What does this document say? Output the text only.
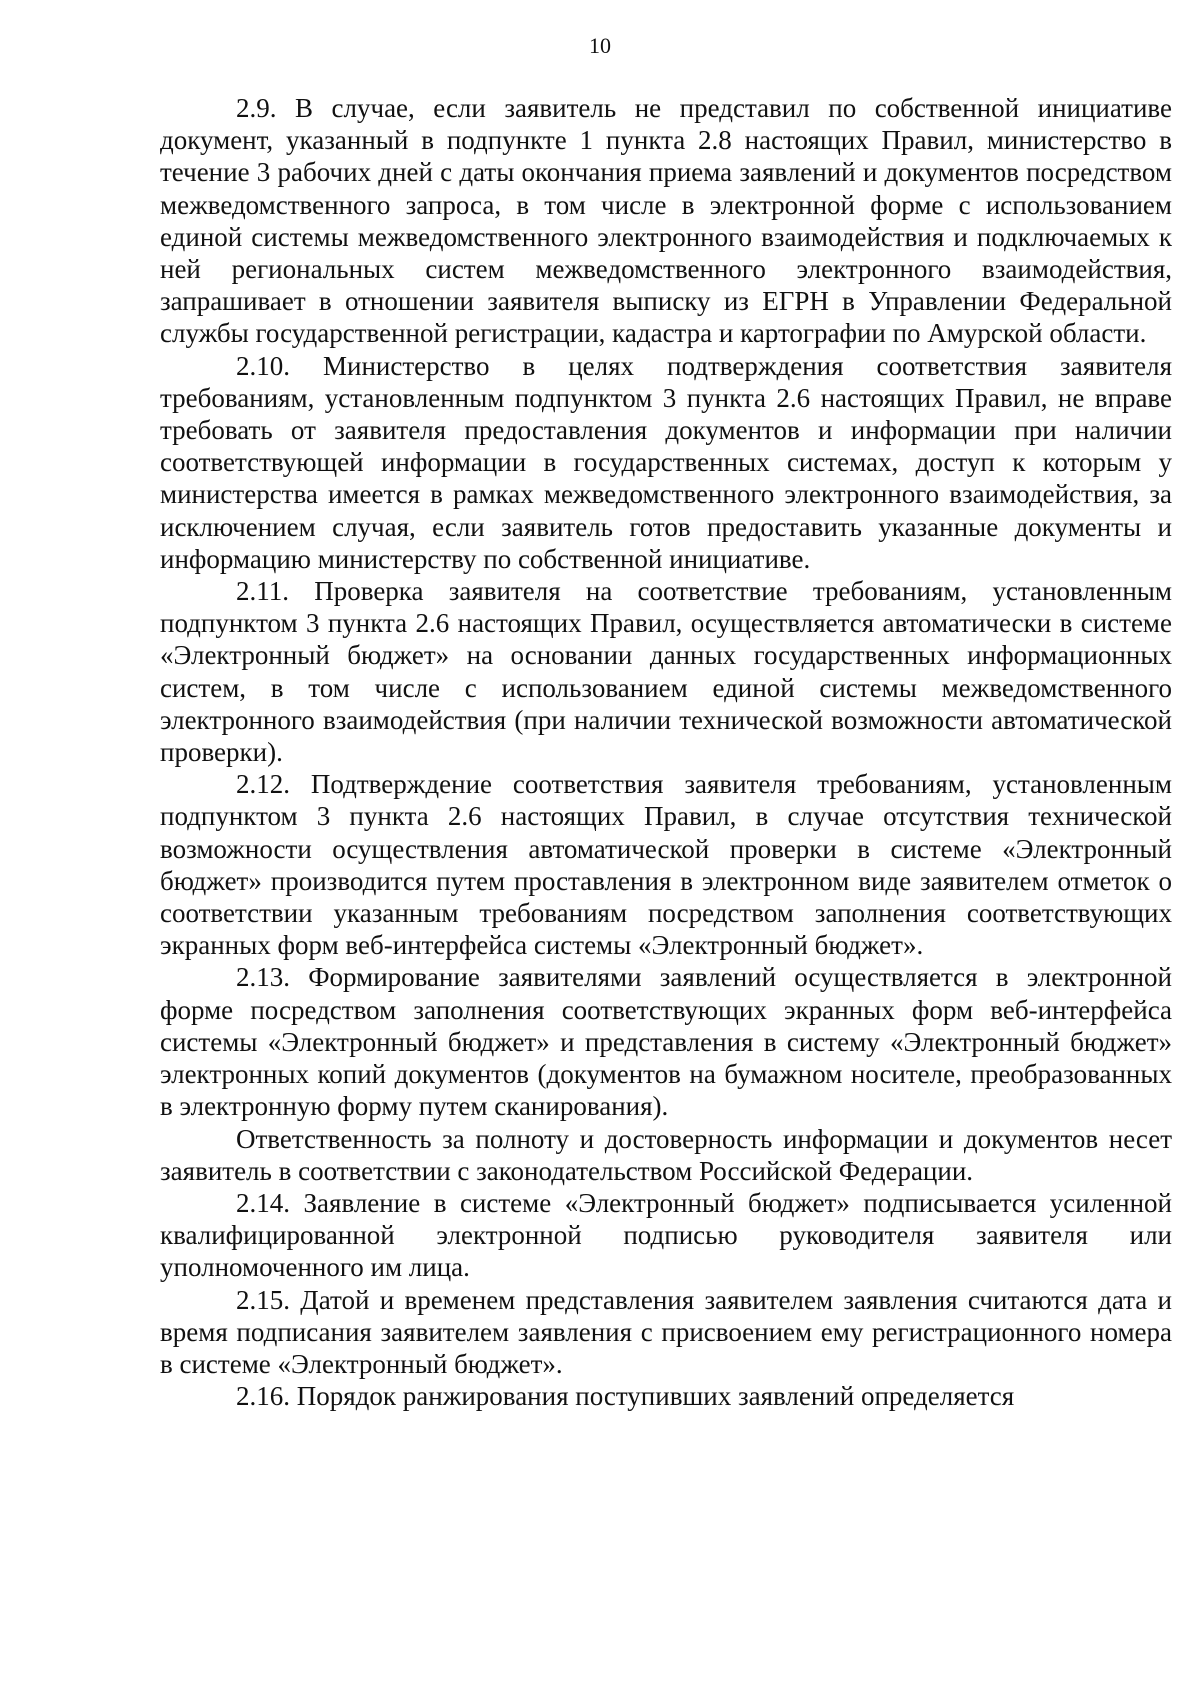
10

2.9. В случае, если заявитель не представил по собственной инициативе документ, указанный в подпункте 1 пункта 2.8 настоящих Правил, министерство в течение 3 рабочих дней с даты окончания приема заявлений и документов посредством межведомственного запроса, в том числе в электронной форме с использованием единой системы межведомственного электронного взаимодействия и подключаемых к ней региональных систем межведомственного электронного взаимодействия, запрашивает в отношении заявителя выписку из ЕГРН в Управлении Федеральной службы государственной регистрации, кадастра и картографии по Амурской области.

2.10. Министерство в целях подтверждения соответствия заявителя требованиям, установленным подпунктом 3 пункта 2.6 настоящих Правил, не вправе требовать от заявителя предоставления документов и информации при наличии соответствующей информации в государственных системах, доступ к которым у министерства имеется в рамках межведомственного электронного взаимодействия, за исключением случая, если заявитель готов предоставить указанные документы и информацию министерству по собственной инициативе.

2.11. Проверка заявителя на соответствие требованиям, установленным подпунктом 3 пункта 2.6 настоящих Правил, осуществляется автоматически в системе «Электронный бюджет» на основании данных государственных информационных систем, в том числе с использованием единой системы межведомственного электронного взаимодействия (при наличии технической возможности автоматической проверки).

2.12. Подтверждение соответствия заявителя требованиям, установленным подпунктом 3 пункта 2.6 настоящих Правил, в случае отсутствия технической возможности осуществления автоматической проверки в системе «Электронный бюджет» производится путем проставления в электронном виде заявителем отметок о соответствии указанным требованиям посредством заполнения соответствующих экранных форм веб-интерфейса системы «Электронный бюджет».

2.13. Формирование заявителями заявлений осуществляется в электронной форме посредством заполнения соответствующих экранных форм веб-интерфейса системы «Электронный бюджет» и представления в систему «Электронный бюджет» электронных копий документов (документов на бумажном носителе, преобразованных в электронную форму путем сканирования).

Ответственность за полноту и достоверность информации и документов несет заявитель в соответствии с законодательством Российской Федерации.

2.14. Заявление в системе «Электронный бюджет» подписывается усиленной квалифицированной электронной подписью руководителя заявителя или уполномоченного им лица.

2.15. Датой и временем представления заявителем заявления считаются дата и время подписания заявителем заявления с присвоением ему регистрационного номера в системе «Электронный бюджет».

2.16. Порядок ранжирования поступивших заявлений определяется
